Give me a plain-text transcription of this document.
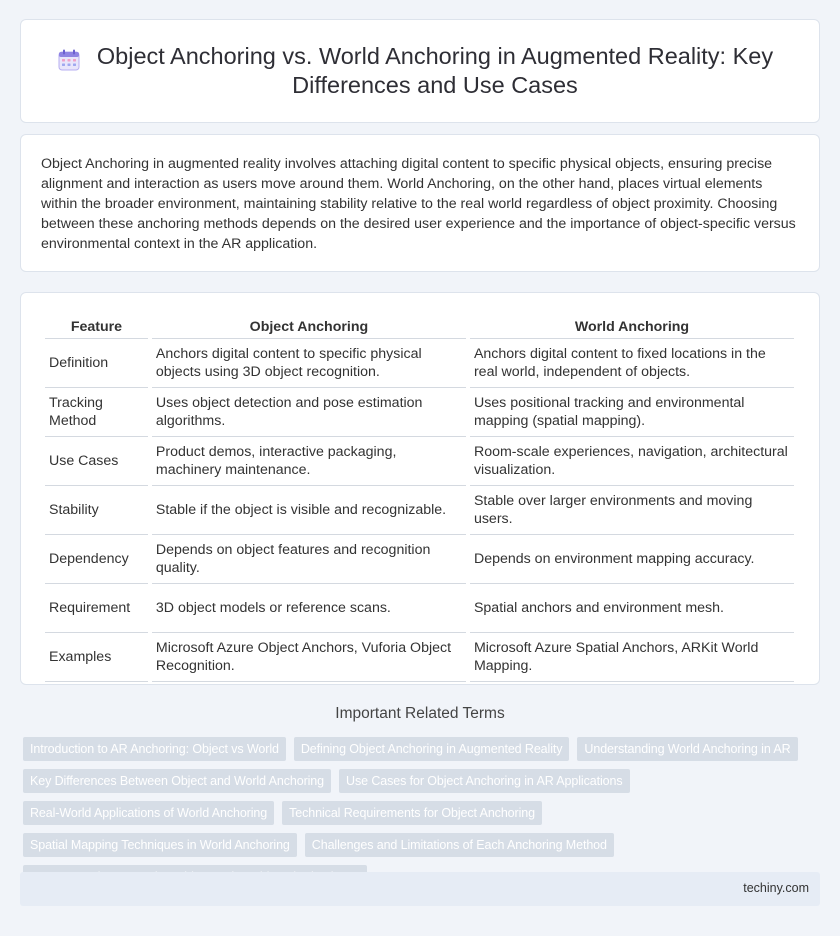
Object Anchoring vs. World Anchoring in Augmented Reality: Key Differences and Use Cases

Object Anchoring in augmented reality involves attaching digital content to specific physical objects, ensuring precise alignment and interaction as users move around them. World Anchoring, on the other hand, places virtual elements within the broader environment, maintaining stability relative to the real world regardless of object proximity. Choosing between these anchoring methods depends on the desired user experience and the importance of object-specific versus environmental context in the AR application.

Feature	Object Anchoring	World Anchoring
Definition	Anchors digital content to specific physical objects using 3D object recognition.	Anchors digital content to fixed locations in the real world, independent of objects.
Tracking Method	Uses object detection and pose estimation algorithms.	Uses positional tracking and environmental mapping (spatial mapping).
Use Cases	Product demos, interactive packaging, machinery maintenance.	Room-scale experiences, navigation, architectural visualization.
Stability	Stable if the object is visible and recognizable.	Stable over larger environments and moving users.
Dependency	Depends on object features and recognition quality.	Depends on environment mapping accuracy.
Requirement	3D object models or reference scans.	Spatial anchors and environment mesh.
Examples	Microsoft Azure Object Anchors, Vuforia Object Recognition.	Microsoft Azure Spatial Anchors, ARKit World Mapping.
Important Related Terms
Introduction to AR Anchoring: Object vs World	Defining Object Anchoring in Augmented Reality	Understanding World Anchoring in AR
Key Differences Between Object and World Anchoring	Use Cases for Object Anchoring in AR Applications
Real-World Applications of World Anchoring	Technical Requirements for Object Anchoring
Spatial Mapping Techniques in World Anchoring	Challenges and Limitations of Each Anchoring Method
techiny.com
